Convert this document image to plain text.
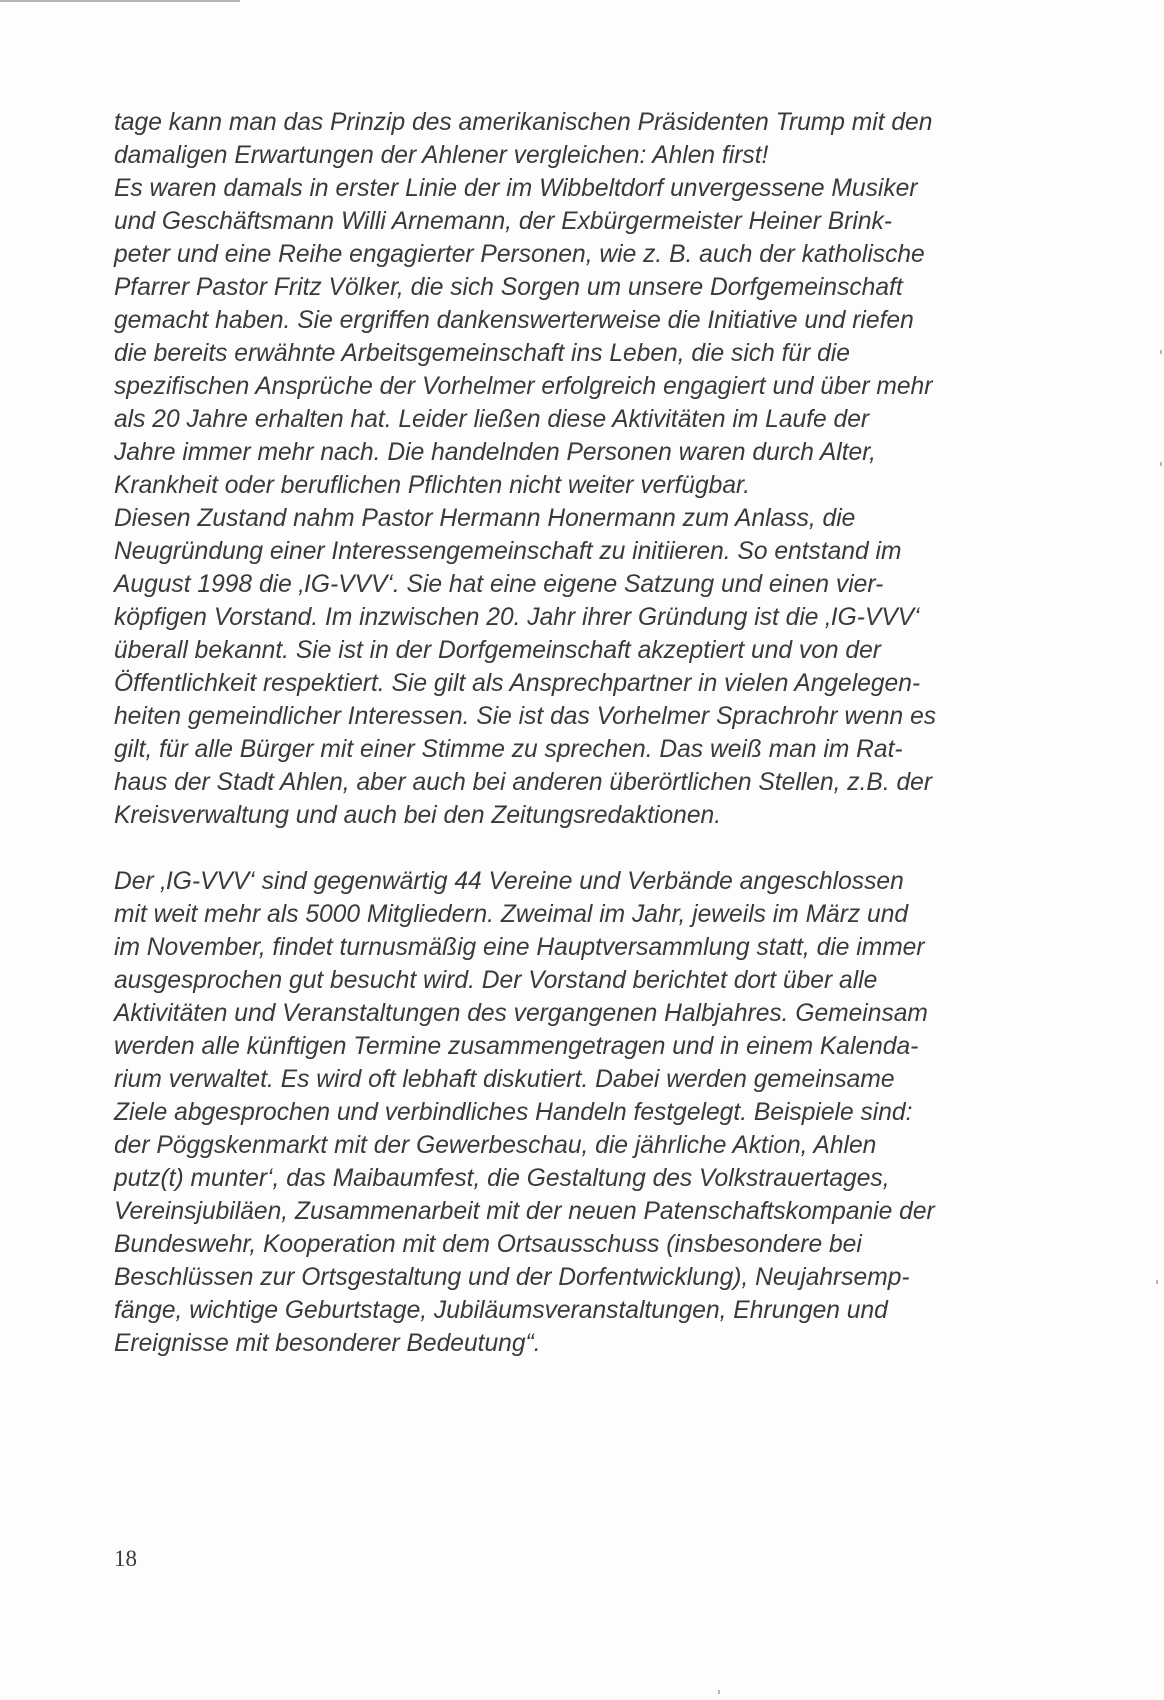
tage kann man das Prinzip des amerikanischen Präsidenten Trump mit den
damaligen Erwartungen der Ahlener vergleichen: Ahlen first!
Es waren damals in erster Linie der im Wibbeltdorf unvergessene Musiker
und Geschäftsmann Willi Arnemann, der Exbürgermeister Heiner Brink-
peter und eine Reihe engagierter Personen, wie z. B. auch der katholische
Pfarrer Pastor Fritz Völker, die sich Sorgen um unsere Dorfgemeinschaft
gemacht haben. Sie ergriffen dankenswerterweise die Initiative und riefen
die bereits erwähnte Arbeitsgemeinschaft ins Leben, die sich für die
spezifischen Ansprüche der Vorhelmer erfolgreich engagiert und über mehr
als 20 Jahre erhalten hat. Leider ließen diese Aktivitäten im Laufe der
Jahre immer mehr nach. Die handelnden Personen waren durch Alter,
Krankheit oder beruflichen Pflichten nicht weiter verfügbar.
Diesen Zustand nahm Pastor Hermann Honermann zum Anlass, die
Neugründung einer Interessengemeinschaft zu initiieren. So entstand im
August 1998 die ‚IG-VVV‘. Sie hat eine eigene Satzung und einen vier-
köpfigen Vorstand. Im inzwischen 20. Jahr ihrer Gründung ist die ‚IG-VVV‘
überall bekannt. Sie ist in der Dorfgemeinschaft akzeptiert und von der
Öffentlichkeit respektiert. Sie gilt als Ansprechpartner in vielen Angelegen-
heiten gemeindlicher Interessen. Sie ist das Vorhelmer Sprachrohr wenn es
gilt, für alle Bürger mit einer Stimme zu sprechen. Das weiß man im Rat-
haus der Stadt Ahlen, aber auch bei anderen überörtlichen Stellen, z.B. der
Kreisverwaltung und auch bei den Zeitungsredaktionen.
Der ‚IG-VVV‘ sind gegenwärtig 44 Vereine und Verbände angeschlossen
mit weit mehr als 5000 Mitgliedern. Zweimal im Jahr, jeweils im März und
im November, findet turnusmäßig eine Hauptversammlung statt, die immer
ausgesprochen gut besucht wird. Der Vorstand berichtet dort über alle
Aktivitäten und Veranstaltungen des vergangenen Halbjahres. Gemeinsam
werden alle künftigen Termine zusammengetragen und in einem Kalenda-
rium verwaltet. Es wird oft lebhaft diskutiert. Dabei werden gemeinsame
Ziele abgesprochen und verbindliches Handeln festgelegt. Beispiele sind:
der Pöggskenmarkt mit der Gewerbeschau, die jährliche Aktion, Ahlen
putz(t) munter‘, das Maibaumfest, die Gestaltung des Volkstrauertages,
Vereinsjubiläen, Zusammenarbeit mit der neuen Patenschaftskompanie der
Bundeswehr, Kooperation mit dem Ortsausschuss (insbesondere bei
Beschlüssen zur Ortsgestaltung und der Dorfentwicklung), Neujahrsemp-
fänge, wichtige Geburtstage, Jubiläumsveranstaltungen, Ehrungen und
Ereignisse mit besonderer Bedeutung“.
18
